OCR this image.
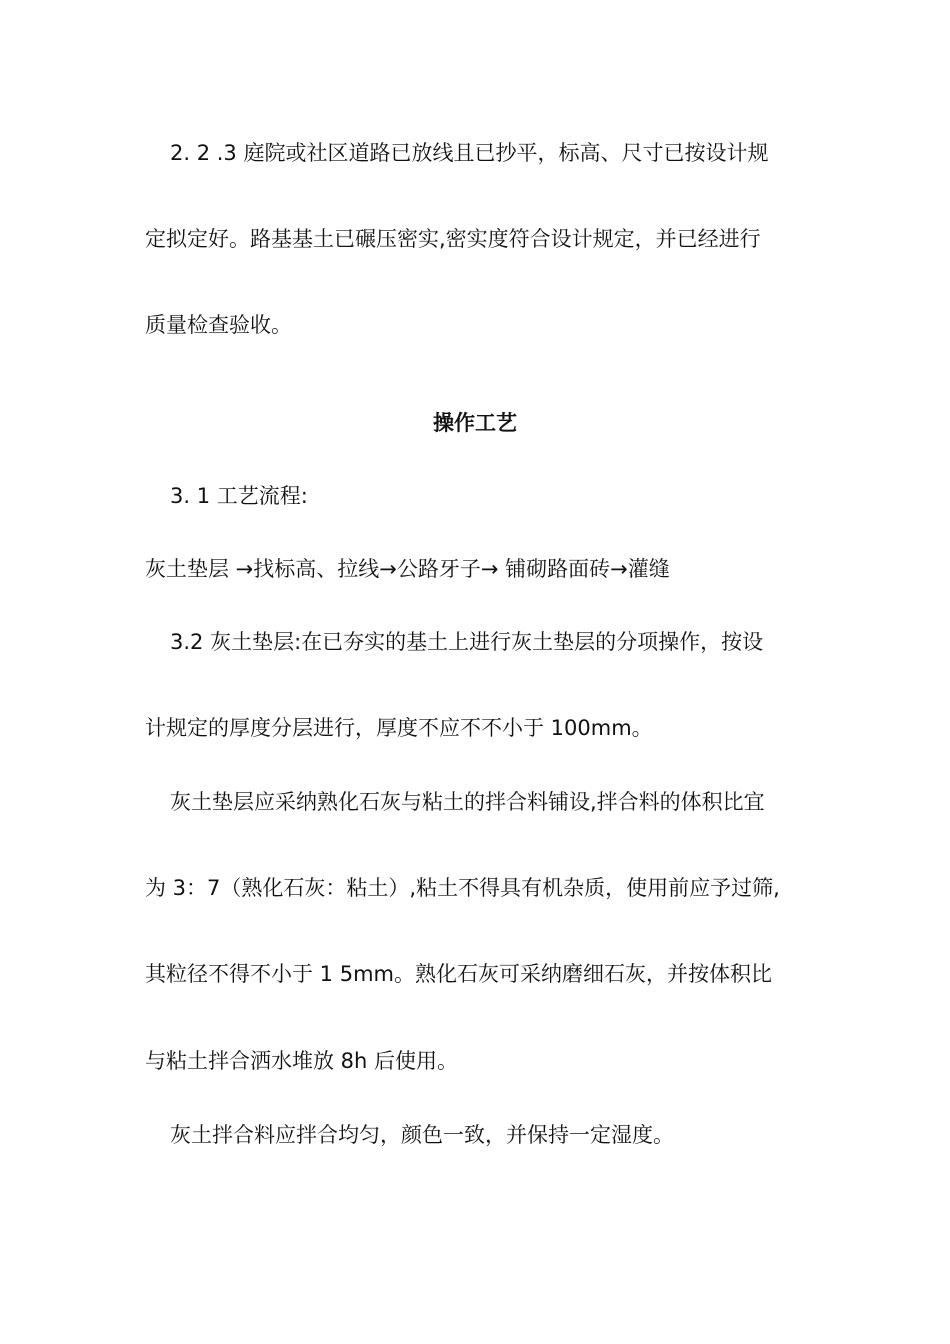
2. 2 .3 庭院或社区道路已放线且已抄平，标高、尺寸已按设计规
定拟定好。路基基土已碾压密实,密实度符合设计规定，并已经进行
质量检查验收。
操作工艺
3. 1 工艺流程:
灰土垫层 →找标高、拉线→公路牙子→ 铺砌路面砖→灌缝
3.2 灰土垫层:在已夯实的基土上进行灰土垫层的分项操作，按设
计规定的厚度分层进行，厚度不应不不小于 100mm。
灰土垫层应采纳熟化石灰与粘土的拌合料铺设,拌合料的体积比宜
为 3：7（熟化石灰：粘土）,粘土不得具有机杂质，使用前应予过筛,
其粒径不得不小于 1 5mm。熟化石灰可采纳磨细石灰，并按体积比
与粘土拌合洒水堆放 8h 后使用。
灰土拌合料应拌合均匀，颜色一致，并保持一定湿度。
